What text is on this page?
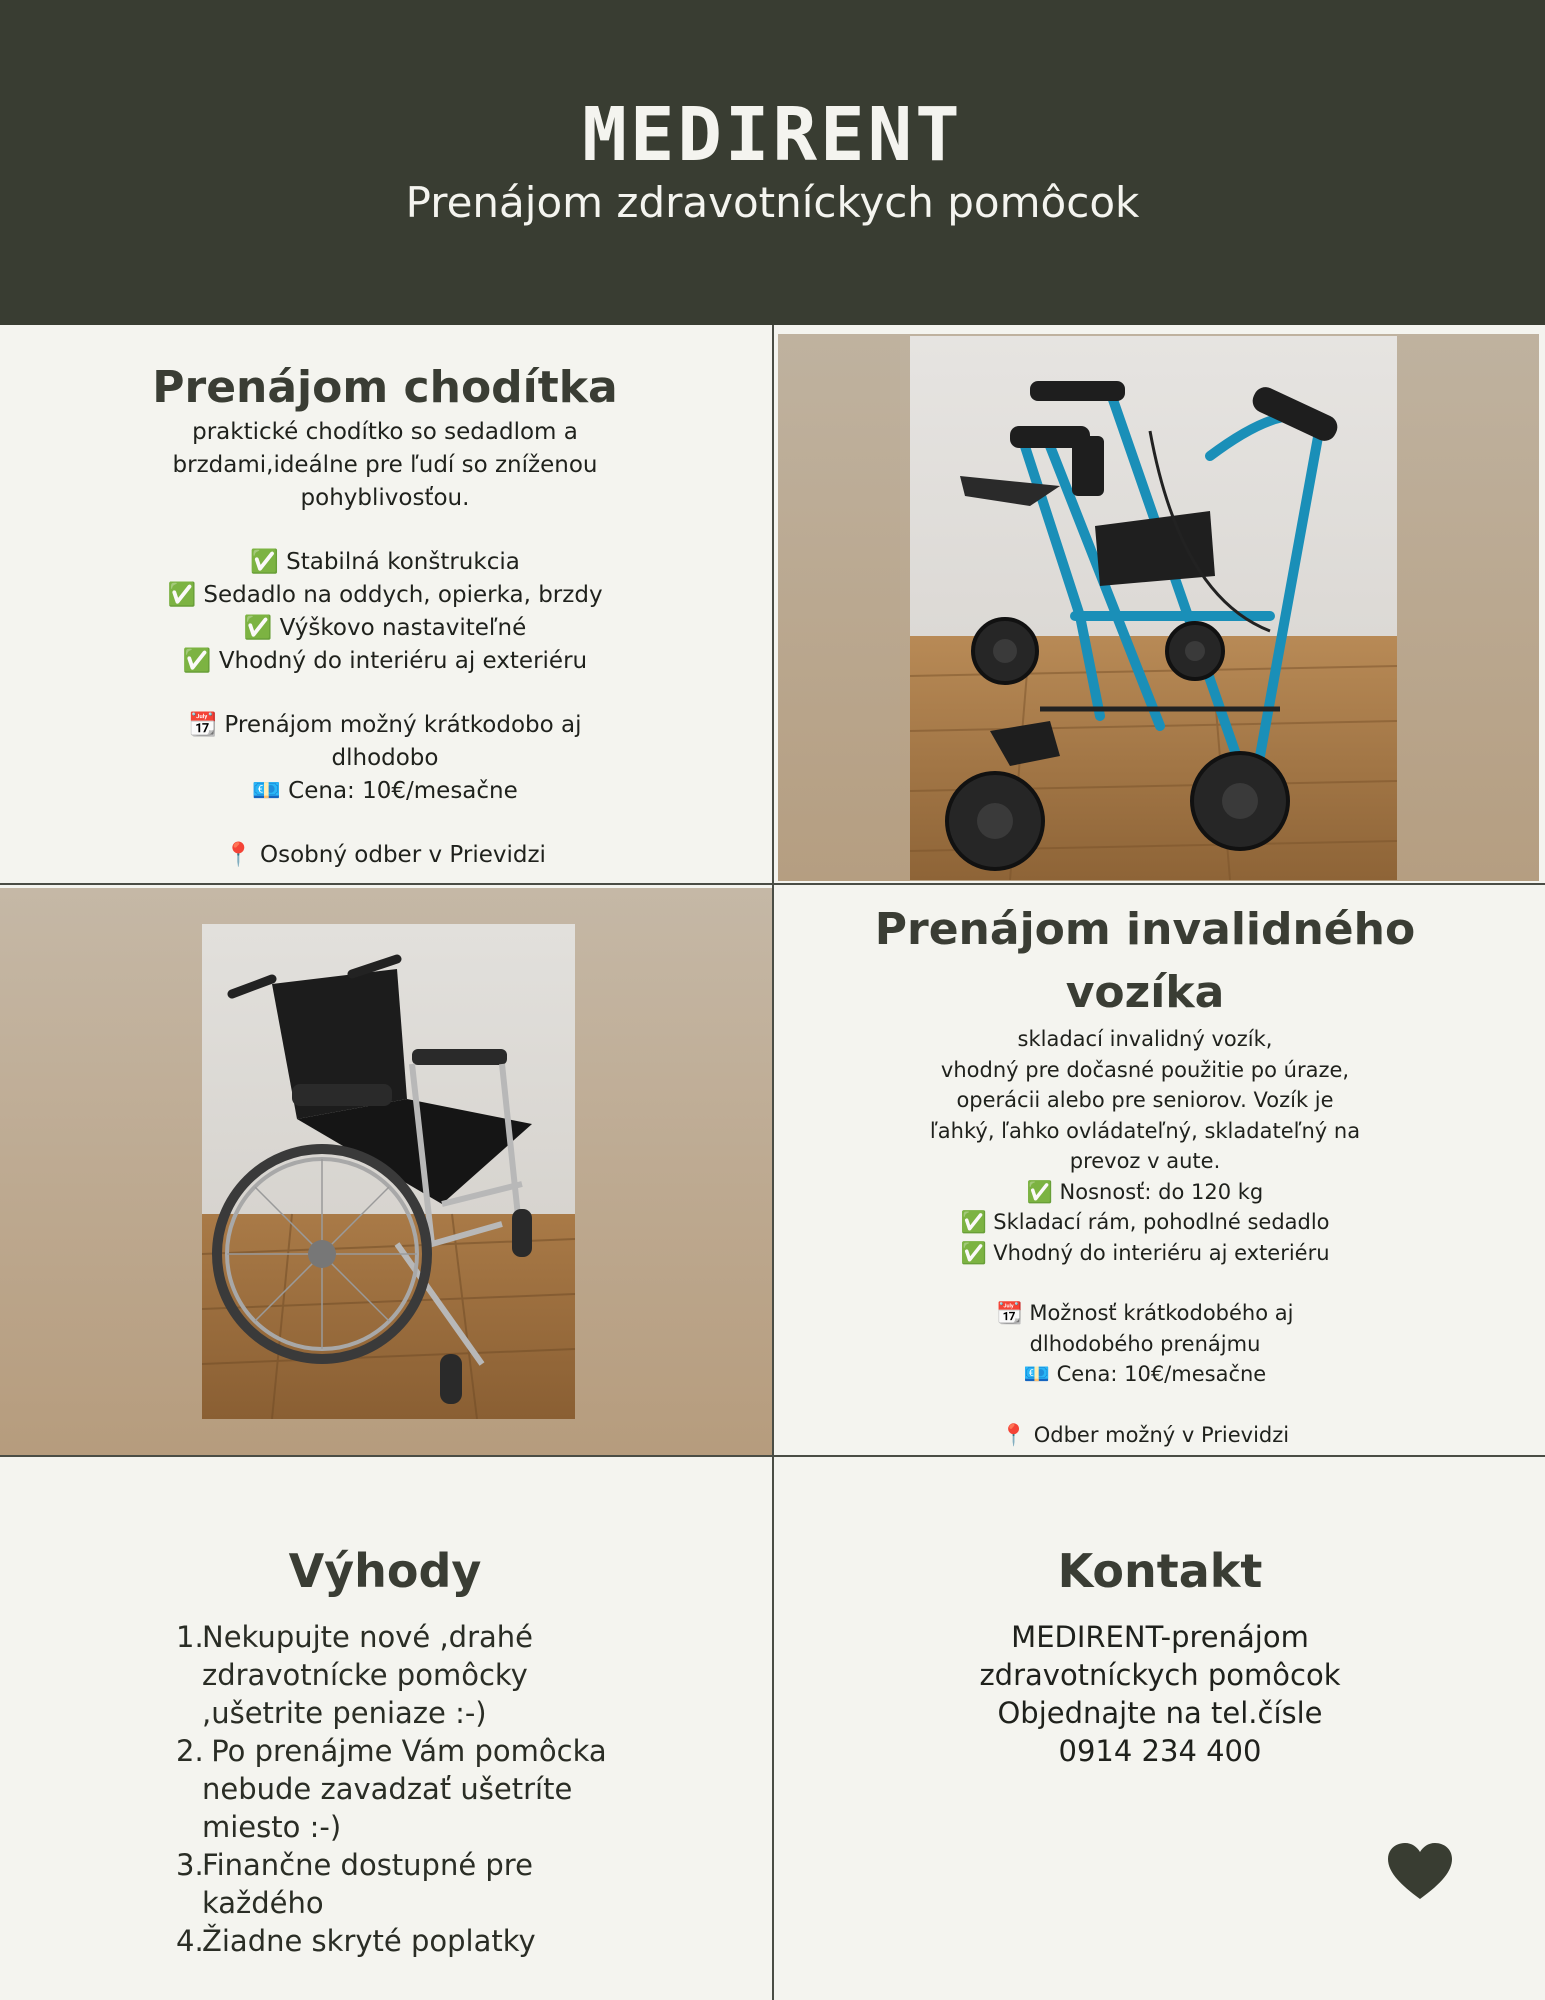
MEDIRENT
Prenájom zdravotníckych pomôcok
Prenájom chodítka

praktické chodítko so sedadlom a

brzdami,ideálne pre ľudí so zníženou

pohyblivosťou.

✅ Stabilná konštrukcia

✅ Sedadlo na oddych, opierka, brzdy

✅ Výškovo nastaviteľné

✅ Vhodný do interiéru aj exteriéru

📆 Prenájom možný krátkodobo aj

dlhodobo

💶 Cena: 10€/mesačne

📍 Osobný odber v Prievidzi

Prenájom invalidného
vozíka
skladací invalidný vozík,
vhodný pre dočasné použitie po úraze,
operácii alebo pre seniorov. Vozík je
ľahký, ľahko ovládateľný, skladateľný na
prevoz v aute.
✅ Nosnosť: do 120 kg
✅ Skladací rám, pohodlné sedadlo
✅ Vhodný do interiéru aj exteriéru
📆 Možnosť krátkodobého aj
dlhodobého prenájmu
💶 Cena: 10€/mesačne
📍 Odber možný v Prievidzi
Výhody
1.
Nekupujte nové ,drahé
zdravotnícke pomôcky
,ušetrite peniaze :-)
2.
Po prenájme Vám pomôcka
nebude zavadzať ušetríte
miesto :-)
3.
Finančne dostupné pre
každého
4.
Žiadne skryté poplatky
Kontakt
MEDIRENT-prenájom
zdravotníckych pomôcok
Objednajte na tel.čísle
0914 234 400
